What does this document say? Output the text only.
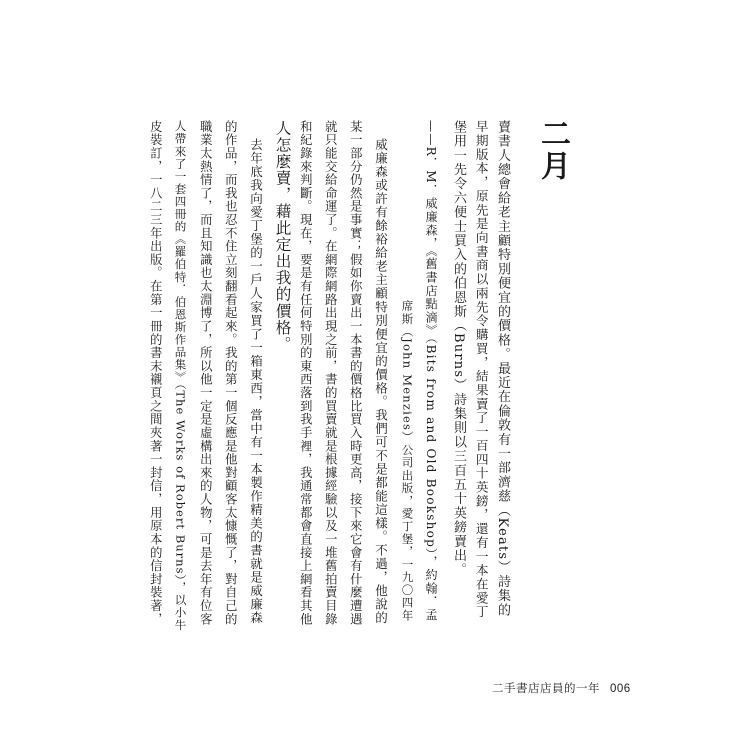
二月
賣書人總會給老主顧特別便宜的價格。最近在倫敦有一部濟慈（Keats）詩集的
早期版本，原先是向書商以兩先令購買，結果賣了一百四十英鎊，還有一本在愛丁
堡用一先令六便士買入的伯恩斯（Burns）詩集則以三百五十英鎊賣出。
——R．M．威廉森，《舊書店點滴》（Bits from and Old Bookshop），約翰．孟
席斯（John Menzies）公司出版，愛丁堡，一九〇四年
威廉森或許有餘裕給老主顧特別便宜的價格。我們可不是都能這樣。不過，他說的
某一部分仍然是事實；假如你賣出一本書的價格比買入時更高，接下來它會有什麼遭遇
就只能交給命運了。在網際網路出現之前，書的買賣就是根據經驗以及一堆舊拍賣目錄
和紀錄來判斷。現在，要是有任何特別的東西落到我手裡，我通常都會直接上網看其他
人怎麼賣，藉此定出我的價格。
去年底我向愛丁堡的一戶人家買了一箱東西，當中有一本製作精美的書就是威廉森
的作品，而我也忍不住立刻翻看起來。我的第一個反應是他對顧客太慷慨了，對自己的
職業太熱情了，而且知識也太淵博了，所以他一定是虛構出來的人物，可是去年有位客
人帶來了一套四冊的《羅伯特．伯恩斯作品集》（The Works of Robert Burns），以小牛
皮裝訂，一八二三年出版。在第一冊的書末襯頁之間夾著一封信，用原本的信封裝著，
二手書店店員的一年 006
